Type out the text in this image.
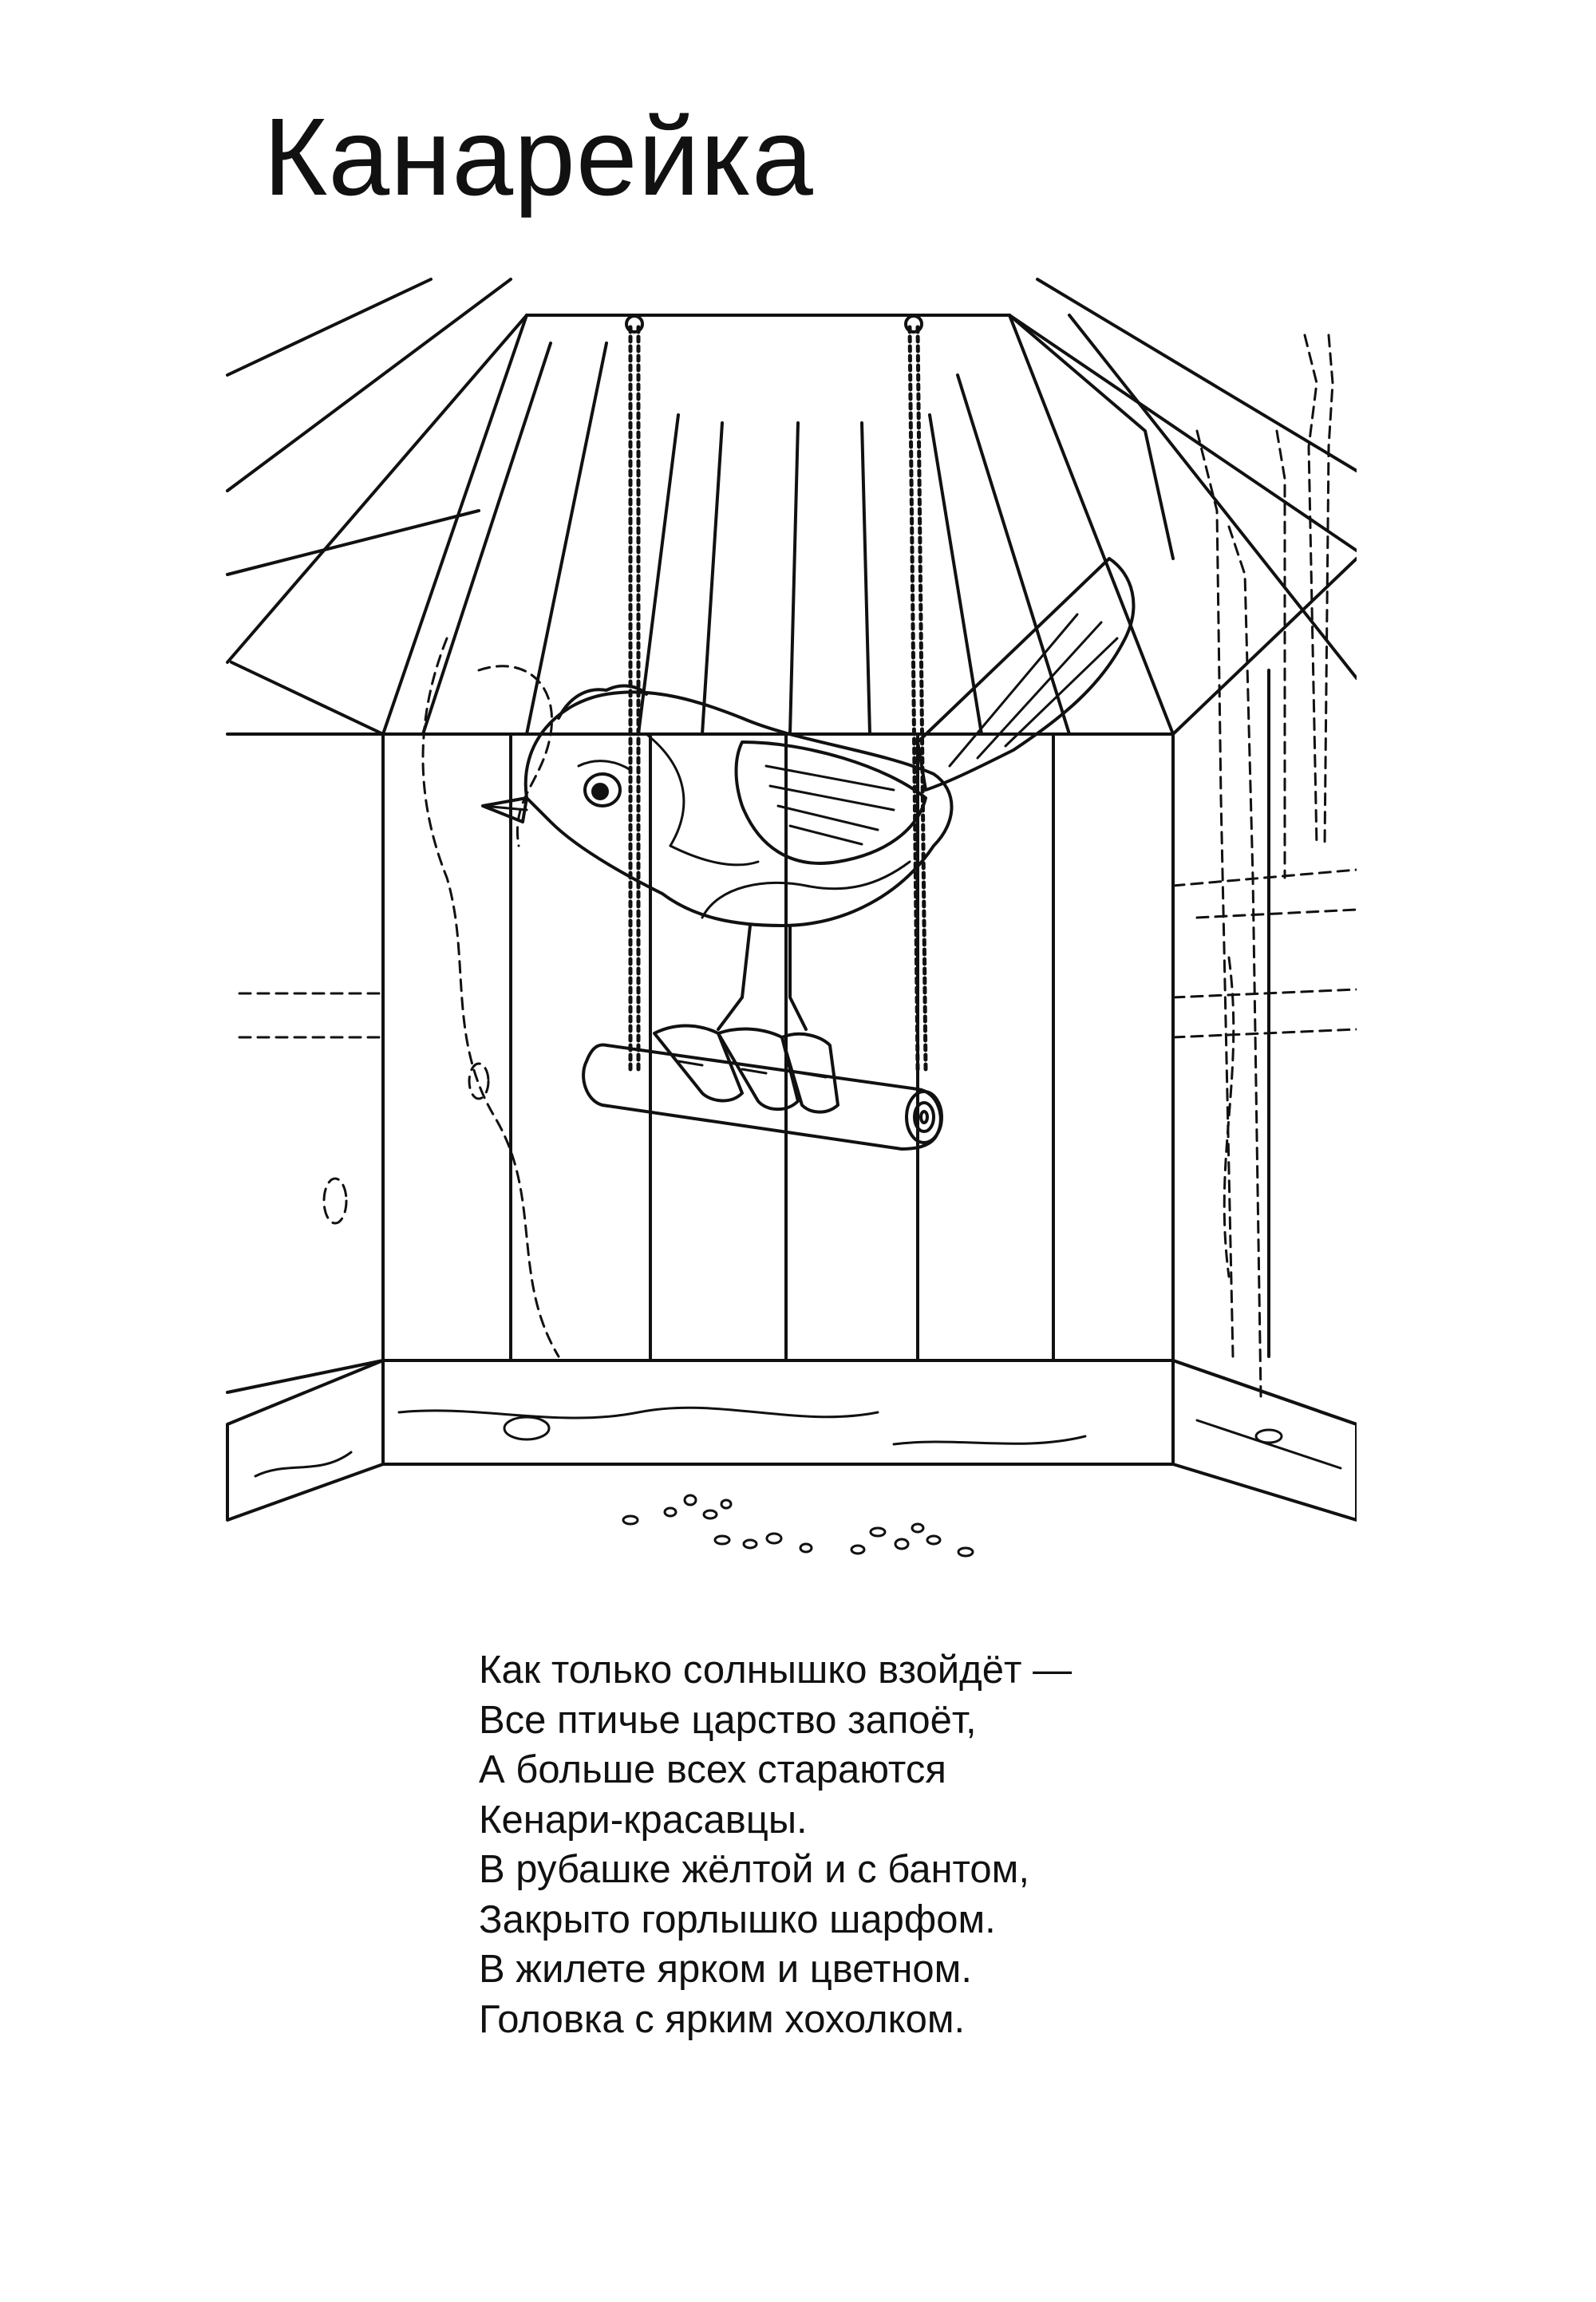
Канарейка
Как только солнышко взойдёт —
Все птичье царство запоёт,
А больше всех стараются
Кенари-красавцы.
В рубашке жёлтой и с бантом,
Закрыто горлышко шарфом.
В жилете ярком и цветном.
Головка с ярким хохолком.
